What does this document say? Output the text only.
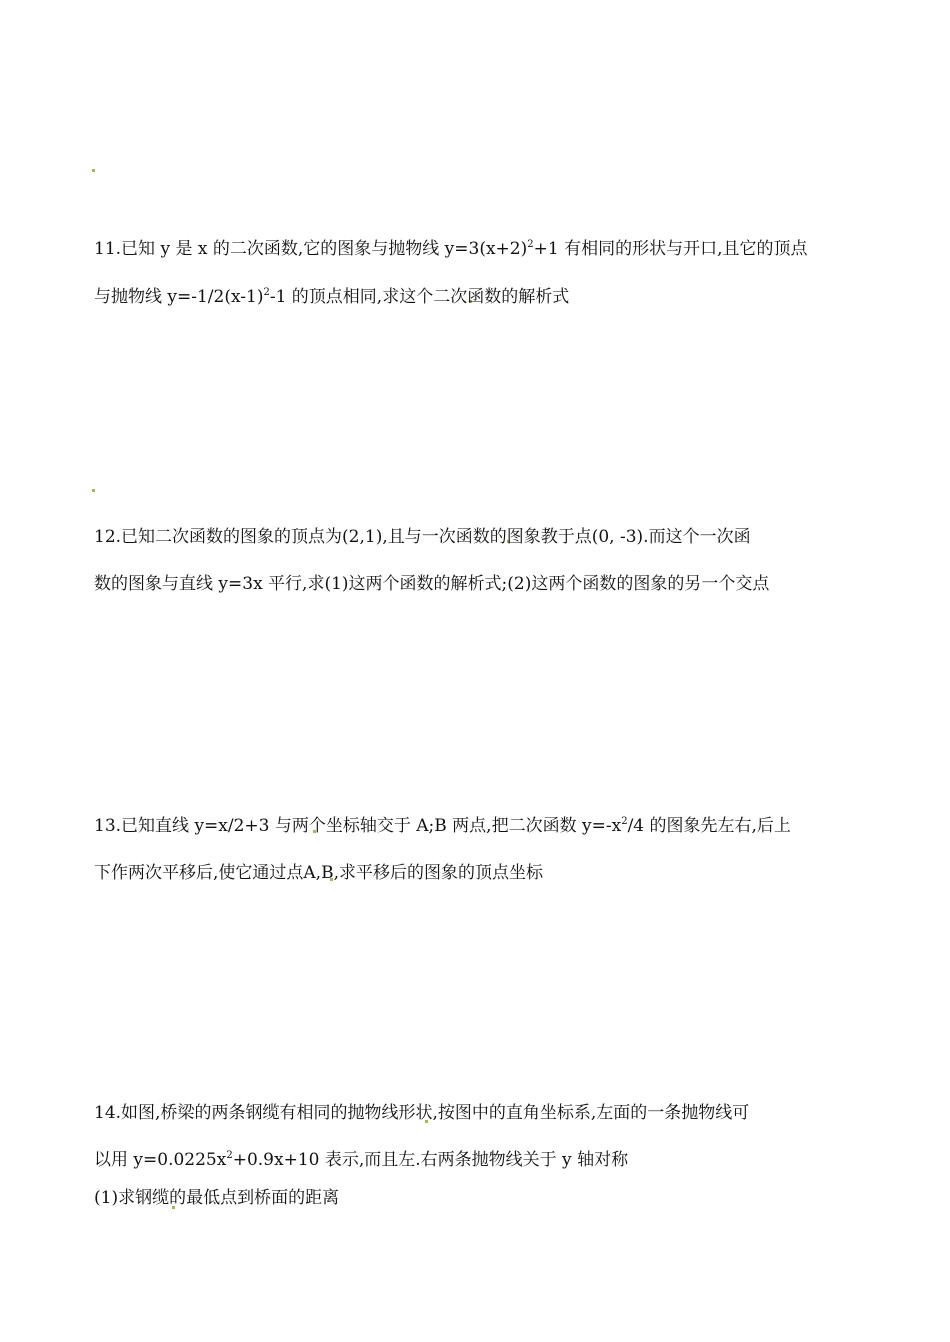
11.已知 y 是 x 的二次函数,它的图象与抛物线 $y=3(x+2)^2+1$ 有相同的形状与开口,且它的顶点
与抛物线 $y=-1/2(x-1)^2-1$ 的顶点相同,求这个二次函数的解析式
12.已知二次函数的图象的顶点为(2,1),且与一次函数的图象教于点(0, -3).而这个一次函
数的图象与直线 y=3x 平行,求(1)这两个函数的解析式;(2)这两个函数的图象的另一个交点
13.已知直线 y=x/2+3 与两个坐标轴交于 A;B 两点,把二次函数 $y=-x^2/4$ 的图象先左右,后上
下作两次平移后,使它通过点A,B,求平移后的图象的顶点坐标
14.如图,桥梁的两条钢缆有相同的抛物线形状,按图中的直角坐标系,左面的一条抛物线可
以用 $y=0.0225x^2+0.9x+10$ 表示,而且左.右两条抛物线关于 y 轴对称
(1)求钢缆的最低点到桥面的距离
